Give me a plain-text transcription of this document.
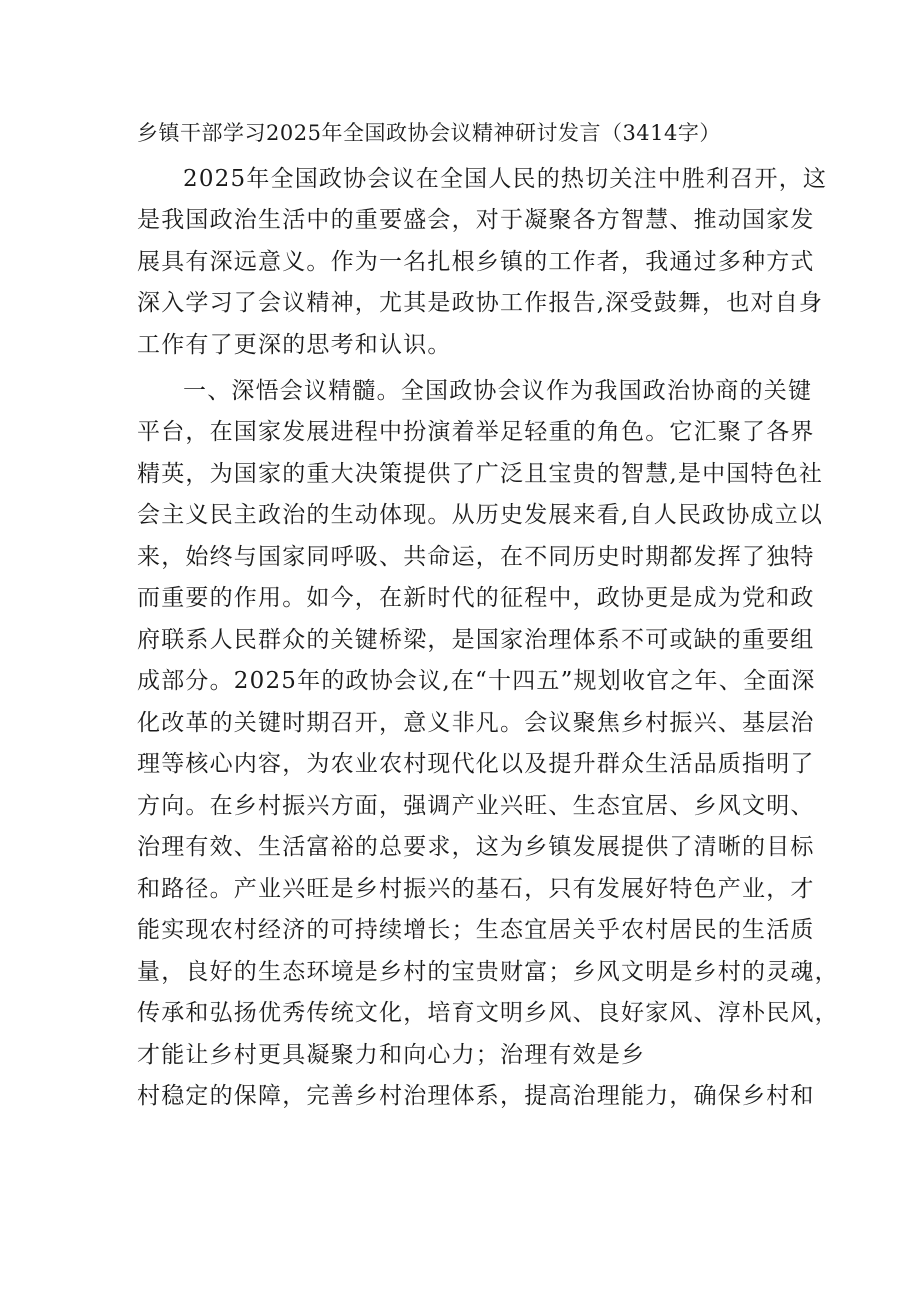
乡镇干部学习2025年全国政协会议精神研讨发言（3414字）
2025年全国政协会议在全国人民的热切关注中胜利召开，这
是我国政治生活中的重要盛会，对于凝聚各方智慧、推动国家发
展具有深远意义。作为一名扎根乡镇的工作者，我通过多种方式
深入学习了会议精神，尤其是政协工作报告,深受鼓舞，也对自身
工作有了更深的思考和认识。
一、深悟会议精髓。全国政协会议作为我国政治协商的关键
平台，在国家发展进程中扮演着举足轻重的角色。它汇聚了各界
精英，为国家的重大决策提供了广泛且宝贵的智慧,是中国特色社
会主义民主政治的生动体现。从历史发展来看,自人民政协成立以
来，始终与国家同呼吸、共命运，在不同历史时期都发挥了独特
而重要的作用。如今，在新时代的征程中，政协更是成为党和政
府联系人民群众的关键桥梁，是国家治理体系不可或缺的重要组
成部分。2025年的政协会议,在“十四五”规划收官之年、全面深
化改革的关键时期召开，意义非凡。会议聚焦乡村振兴、基层治
理等核心内容，为农业农村现代化以及提升群众生活品质指明了
方向。在乡村振兴方面，强调产业兴旺、生态宜居、乡风文明、
治理有效、生活富裕的总要求，这为乡镇发展提供了清晰的目标
和路径。产业兴旺是乡村振兴的基石，只有发展好特色产业，才
能实现农村经济的可持续增长；生态宜居关乎农村居民的生活质
量，良好的生态环境是乡村的宝贵财富；乡风文明是乡村的灵魂，
传承和弘扬优秀传统文化，培育文明乡风、良好家风、淳朴民风，
才能让乡村更具凝聚力和向心力；治理有效是乡
村稳定的保障，完善乡村治理体系，提高治理能力，确保乡村和
